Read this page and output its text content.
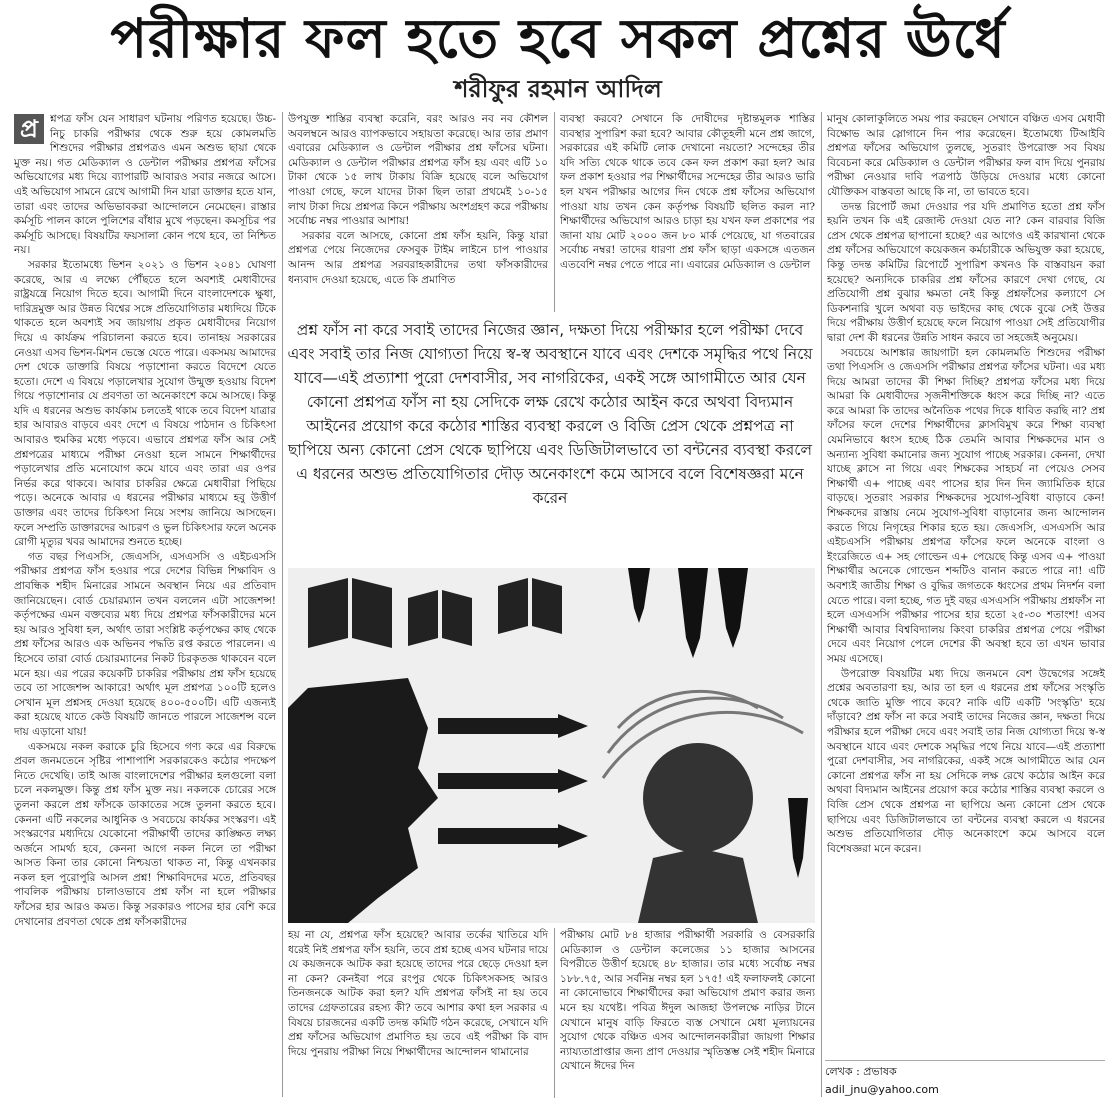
পরীক্ষার ফল হতে হবে সকল প্রশ্নের ঊর্ধে
শরীফুর রহমান আদিল
প্র	শ্নপত্র ফাঁস যেন সাধারণ ঘটনায় পরিণত হয়েছে। উচ্চ-নিচু চাকরি পরীক্ষার থেকে শুরু হয়ে কোমলমতি শিশুদের পরীক্ষার প্রশ্নপত্রও এমন অশুভ ছায়া থেকে মুক্ত নয়। গত মেডিক্যাল ও ডেন্টাল পরীক্ষার প্রশ্নপত্র ফাঁসের অভিযোগের মধ্য দিয়ে ব্যাপারটি আবারও সবার নজরে আসে। এই অভিযোগ সামনে রেখে আগামী দিন যারা ডাক্তার হতে যান, তারা এবং তাদের অভিভাবকরা আন্দোলনে নেমেছেন। রাস্তার কর্মসূচি পালন কালে পুলিশের বাঁধার মুখে পড়ছেন। কমসূচির পর কর্মসূচি আসছে। বিষয়টির ফয়সালা কোন পথে হবে, তা নিশ্চিত নয়।

সরকার ইতোমধ্যে ভিশন ২০২১ ও ভিশন ২০৪১ ঘোষণা করেছে, আর এ লক্ষ্যে পৌঁছতে হলে অবশ্যই মেধাবীদের রাষ্ট্রযন্ত্রে নিয়োগ দিতে হবে। আগামী দিনে বাংলাদেশকে ক্ষুধা, দারিদ্রমুক্ত আর উন্নত বিশ্বের সঙ্গে প্রতিযোগিতার মধ্যদিয়ে টিকে থাকতে হলে অবশ্যই সব জায়গায় প্রকৃত মেধাবীদের নিয়োগ দিয়ে এ কার্যক্রম পরিচালনা করতে হবে। তানাহয় সরকারের নেওয়া এসব ভিশন-মিশন ভেস্তে যেতে পারে। একসময় আমাদের দেশ থেকে ডাক্তারি বিষয়ে পড়াশোনা করতে বিদেশে যেতে হতো। দেশে এ বিষয়ে পড়ালেখার সুযোগ উন্মুক্ত হওয়ায় বিদেশ গিয়ে পড়াশোনার যে প্রবণতা তা অনেকাংশে কমে আসছে। কিন্তু যদি এ ধরনের অশুভ কার্যকাম চলতেই থাকে তবে বিদেশ যাত্রার হার আবারও বাড়বে এবং দেশে এ বিষয়ে পাঠদান ও চিকিৎসা আবারও হুমকির মধ্যে পড়বে। এভাবে প্রশ্নপত্র ফাঁস আর সেই প্রশ্নপত্রের মাধ্যমে পরীক্ষা নেওয়া হলে সামনে শিক্ষার্থীদের পড়ালেখার প্রতি মনোযোগ কমে যাবে এবং তারা এর ওপর নির্ভর করে থাকবে। আবার চাকরির ক্ষেত্রে মেধাবীরা পিছিয়ে পড়ে। অনেকে আবার এ ধরনের পরীক্ষার মাধ্যমে হবু উত্তীর্ণ ডাক্তার এবং তাদের চিকিৎসা নিয়ে সংশয় জানিয়ে আসছেন। ফলে সম্প্রতি ডাক্তারদের আচরণ ও ভুল চিকিৎসার ফলে অনেক রোগী মৃত্যুর খবর আমাদের শুনতে হচ্ছে।

গত বছর পিএসসি, জেএসসি, এসএসসি ও এইচএসসি পরীক্ষার প্রশ্নপত্র ফাঁস হওয়ার পরে দেশের বিভিন্ন শিক্ষাবিদ ও প্রাবন্ধিক শহীদ মিনারের সামনে অবস্থান নিয়ে এর প্রতিবাদ জানিয়েছেন। বোর্ড চেয়ারম্যান তখন বললেন এটা সাজেশন্স! কর্তৃপক্ষের এমন বক্তব্যের মধ্য দিয়ে প্রশ্নপত্র ফাঁসকারীদের মনে হয় আরও সুবিধা হল, অর্থাৎ তারা সংশ্লিষ্ট কর্তৃপক্ষের কাছ থেকে প্রশ্ন ফাঁসের আরও এক অভিনব পদ্ধতি রপ্ত করতে পারলেন। এ হিসেবে তারা বোর্ড চেয়ারম্যানের নিকট চিরকৃতজ্ঞ থাকবেন বলে মনে হয়। এর পরের কয়েকটি চাকরির পরীক্ষায় প্রশ্ন ফাঁস হয়েছে তবে তা সাজেশন্স আকারে! অর্থাৎ মূল প্রশ্নপত্র ১০০টি হলেও সেখান মূল প্রশ্নসহ দেওয়া হয়েছে ৪০০-৫০০টি। এটি এজন্যই করা হয়েছে যাতে কেউ বিষয়টি জানতে পারলে সাজেশন্স বলে দায় এড়ানো যায়!

একসময়ে নকল করাকে চুরি হিসেবে গণ্য করে এর বিরুদ্ধে প্রবল জনমতেনে সৃষ্টির পাশাপাশি সরকারকেও কঠোর পদক্ষেপ নিতে দেখেছি। তাই আজ বাংলাদেশের পরীক্ষার হলগুলো বলা চলে নকলমুক্ত। কিন্তু প্রশ্ন ফাঁস মুক্ত নয়। নকলকে চোরের সঙ্গে তুলনা করলে প্রশ্ন ফাঁসকে ডাকাতের সঙ্গে তুলনা করতে হবে। কেননা এটি নকলের আধুনিক ও সবচেয়ে কার্যকর সংস্করণ। এই সংস্করণের মধ্যদিয়ে যেকোনো পরীক্ষার্থী তাদের কাঙ্ক্ষিত লক্ষ্য অর্জনে সামর্থ্য হবে, কেননা আগে নকল নিলে তা পরীক্ষা আসত কিনা তার কোনো নিশ্চয়তা থাকত না, কিন্তু এখনকার নকল হল পুরোপুরি আসল প্রশ্ন! শিক্ষাবিদদের মতে, প্রতিবছর পাবলিক পরীক্ষায় চালাওভাবে প্রশ্ন ফাঁস না হলে পরীক্ষার ফাঁসের হার আরও কমত। কিন্তু সরকারও পাসের হার বেশি করে দেখানোর প্রবণতা থেকে প্রশ্ন ফাঁসকারীদের

উপযুক্ত শাস্তির ব্যবস্থা করেনি, বরং আরও নব নব কৌশল অবলম্বনে আরও ব্যাপকভাবে সহায়তা করেছে। আর তার প্রমাণ এবারের মেডিক্যাল ও ডেন্টাল পরীক্ষার প্রশ্ন ফাঁসের ঘটনা। মেডিক্যাল ও ডেন্টাল পরীক্ষার প্রশ্নপত্র ফাঁস হয় এবং এটি ১০ টাকা থেকে ১৫ লাখ টাকায় বিক্রি হয়েছে বলে অভিযোগ পাওয়া গেছে, ফলে যাদের টাকা ছিল তারা প্রথমেই ১০-১৫ লাখ টাকা দিয়ে প্রশ্নপত্র কিনে পরীক্ষায় অংশগ্রহণ করে পরীক্ষায় সর্বোচ্চ নম্বর পাওয়ার আশায়!

সরকার বলে আসছে, কোনো প্রশ্ন ফাঁস হয়নি, কিন্তু যারা প্রশ্নপত্র পেয়ে নিজেদের ফেসবুক টাইম লাইনে চাপ পাওয়ার আনন্দ আর প্রশ্নপত্র সরবরাহকারীদের তথা ফাঁসকারীদের ধন্যবাদ দেওয়া হয়েছে, এতে কি প্রমাণিত

ব্যবস্থা করবে? সেখানে কি দোষীদের দৃষ্টান্তমূলক শাস্তির ব্যবস্থার সুপারিশ করা হবে? আবার কৌতূহলী মনে প্রশ্ন জাগে, সরকারের এই কমিটি লোক দেখানো নয়তো? সন্দেহের তীর যদি সত্যি থেকে থাকে তবে কেন ফল প্রকাশ করা হল? আর ফল প্রকাশ হওয়ার পর শিক্ষার্থীদের সন্দেহের তীর আরও ভারি হল যখন পরীক্ষার আগের দিন থেকে প্রশ্ন ফাঁসের অভিযোগ পাওয়া যায় তখন কেন কর্তৃপক্ষ বিষয়টি ছলিত করল না? শিক্ষার্থীদের অভিযোগ আরও চাড়া হয় যখন ফল প্রকাশের পর জানা যায় মোট ২০০০ জন ৮০ মার্ক পেয়েছে, যা গতবারের সর্বোচ্চ নম্বর! তাদের ধারণা প্রশ্ন ফাঁস ছাড়া একসঙ্গে এতজন এতবেশি নম্বর পেতে পারে না। এবারের মেডিক্যাল ও ডেন্টাল

প্রশ্ন ফাঁস না করে সবাই তাদের নিজের জ্ঞান, দক্ষতা দিয়ে পরীক্ষার হলে পরীক্ষা দেবে এবং সবাই তার নিজ যোগ্যতা দিয়ে স্ব-স্ব অবস্থানে যাবে এবং দেশকে সমৃদ্ধির পথে নিয়ে যাবে—এই প্রত্যাশা পুরো দেশবাসীর, সব নাগরিকের, একই সঙ্গে আগামীতে আর যেন কোনো প্রশ্নপত্র ফাঁস না হয় সেদিকে লক্ষ রেখে কঠোর আইন করে অথবা বিদ্যমান আইনের প্রয়োগ করে কঠোর শাস্তির ব্যবস্থা করলে ও বিজি প্রেস থেকে প্রশ্নপত্র না ছাপিয়ে অন্য কোনো প্রেস থেকে ছাপিয়ে এবং ডিজিটালভাবে তা বন্টনের ব্যবস্থা করলে এ ধরনের অশুভ প্রতিযোগিতার দৌড় অনেকাংশে কমে আসবে বলে বিশেষজ্ঞরা মনে করেন

হয় না যে, প্রশ্নপত্র ফাঁস হয়েছে? আবার তর্কের খাতিরে যদি ধরেই নিই প্রশ্নপত্র ফাঁস হয়নি, তবে প্রশ্ন হচ্ছে এসব ঘটনার দায়ে যে কয়জনকে আটক করা হয়েছে তাদের পরে ছেড়ে দেওয়া হল না কেন? কেনইবা পরে রংপুর থেকে চিকিৎসকসহ আরও তিনজনকে আটক করা হল? যদি প্রশ্নপত্র ফাঁসই না হয় তবে তাদের গ্রেফতারের রহস্য কী? তবে আশার কথা হল সরকার এ বিষয়ে চারজনের একটি তদন্ত কমিটি গঠন করেছে, সেখানে যদি প্রশ্ন ফাঁসের অভিযোগ প্রমাণিত হয় তবে এই পরীক্ষা কি বাদ দিয়ে পুনরায় পরীক্ষা নিয়ে শিক্ষার্থীদের আন্দোলন থামানোর

পরীক্ষায় মোট ৮৪ হাজার পরীক্ষার্থী সরকারি ও বেসরকারি মেডিক্যাল ও ডেন্টাল কলেজের ১১ হাজার আসনের বিপরীতে উত্তীর্ণ হয়েছে ৪৮ হাজার। তার মধ্যে সর্বোচ্চ নম্বর ১৮৮.৭৫, আর সর্বনিম্ন নম্বর হল ১৭৫! এই ফলাফলই কোনো না কোনোভাবে শিক্ষার্থীদের করা অভিযোগ প্রমাণ করার জন্য মনে হয় যথেষ্ট। পবিত্র ঈদুল আজহা উপলক্ষে নাড়ির টানে যেখানে মানুষ বাড়ি ফিরতে ব্যস্ত সেখানে মেধা মূল্যায়নের সুযোগ থেকে বঞ্চিত এসব আন্দোলনকারীরা জায়গা শিক্ষার ন্যায্যতাপ্রাপ্তার জন্য প্রাণ দেওয়ার স্মৃতিস্তম্ভ সেই শহীদ মিনারে যেখানে ঈদের দিন

মানুষ কোলাকুলিতে সময় পার করছেন সেখানে বঞ্চিত এসব মেধাবী বিক্ষোভ আর স্লোগানে দিন পার করেছেন। ইতোমধ্যে টিআইবি প্রশ্নপত্র ফাঁসের অভিযোগ তুলছে, সুতরাং উপরোক্ত সব বিষয় বিবেচনা করে মেডিক্যাল ও ডেন্টাল পরীক্ষার ফল বাদ দিয়ে পুনরায় পরীক্ষা নেওয়ার দাবি পত্রপাঠ উড়িয়ে দেওয়ার মধ্যে কোনো যৌক্তিকস বাস্তবতা আছে কি না, তা ভাবতে হবে।

তদন্ত রিপোর্ট জমা দেওয়ার পর যদি প্রমাণিত হতো প্রশ্ন ফাঁস হয়নি তখন কি এই রেজাল্ট দেওয়া যেত না? কেন বারবার বিজি প্রেস থেকে প্রশ্নপত্র ছাপানো হচ্ছে? এর আগেও এই কারখানা থেকে প্রশ্ন ফাঁসের অভিযোগে কয়েকজন কর্মচারীকে অভিযুক্ত করা হয়েছে, কিন্তু তদন্ত কমিটির রিপোর্টে সুপারিশ কখনও কি বাস্তবায়ন করা হয়েছে? অন্যদিকে চাকরির প্রশ্ন ফাঁসের কারণে দেখা গেছে, যে প্রতিযোগী প্রশ্ন বুঝার ক্ষমতা নেই কিন্তু প্রশ্নফাঁসের কল্যাণে সে ডিকশনারি খুলে অথবা বড় ভাইদের কাছ থেকে বুঝে সেই উত্তর দিয়ে পরীক্ষায় উত্তীর্ণ হয়েছে ফলে নিয়োগ পাওয়া সেই প্রতিযোগীর দ্বারা দেশ কী ধরনের উন্নতি সাধন করবে তা সহজেই অনুমেয়।

সবচেয়ে আশঙ্কার জায়গাটা হল কোমলমতি শিশুদের পরীক্ষা তথা পিএসসি ও জেএসসি পরীক্ষার প্রশ্নপত্র ফাঁসের ঘটনা। এর মধ্য দিয়ে আমরা তাদের কী শিক্ষা দিচ্ছি? প্রশ্নপত্র ফাঁসের মধ্য দিয়ে আমরা কি মেধাবীদের সৃজনীশক্তিকে ধ্বংস করে দিচ্ছি না? এতে করে আমরা কি তাদের অনৈতিক পথের দিকে ধাবিত করছি না? প্রশ্ন ফাঁসের ফলে দেশের শিক্ষার্থীদের ক্লাসবিমুখ করে শিক্ষা ব্যবস্থা যেমনিভাবে ধ্বংস হচ্ছে ঠিক তেমনি আবার শিক্ষকদের মান ও অন্যান্য সুবিধা কমানোর জন্য সুযোগ পাচ্ছে সরকার। কেননা, দেখা যাচ্ছে ক্লাসে না গিয়ে এবং শিক্ষকের সাহচর্য না পেয়েও সেসব শিক্ষার্থী এ+ পাচ্ছে এবং পাসের হার দিন দিন জ্যামিতিক হারে বাড়ছে। সুতরাং সরকার শিক্ষকদের সুযোগ-সুবিধা বাড়াবে কেন! শিক্ষকদের রাস্তায় নেমে সুযোগ-সুবিধা বাড়ানোর জন্য আন্দোলন করতে গিয়ে নিগৃহের শিকার হতে হয়। জেএসসি, এসএসসি আর এইচএসসি পরীক্ষায় প্রশ্নপত্র ফাঁসের ফলে অনেকে বাংলা ও ইংরেজিতে এ+ সহ গোল্ডেন এ+ পেয়েছে কিন্তু এসব এ+ পাওয়া শিক্ষার্থীর অনেকে গোল্ডেন শব্দটিও বানান করতে পারে না! এটি অবশ্যই জাতীয় শিক্ষা ও বুদ্ধির জগতকে ধ্বংসের প্রথম নিদর্শন বলা যেতে পারে। বলা হচ্ছে, গত দুই বছর এসএসসি পরীক্ষায় প্রশ্নফাঁস না হলে এসএসসি পরীক্ষার পাসের হার হতো ২৫-৩০ শতাংশ! এসব শিক্ষার্থী আবার বিশ্ববিদ্যালয় কিংবা চাকরির প্রশ্নপত্র পেয়ে পরীক্ষা দেবে এবং নিয়োগ পেলে দেশের কী অবস্থা হবে তা এখন ভাবার সময় এসেছে।

উপরোক্ত বিষয়টির মধ্য দিয়ে জনমনে বেশ উদ্বেগের সঙ্গেই প্রশ্নের অবতারণা হয়, আর তা হল এ ধরনের প্রশ্ন ফাঁসের সংস্কৃতি থেকে জাতি মুক্তি পাবে কবে? নাকি এটি একটি 'সংস্কৃতি' হয়ে দাঁড়াবে? প্রশ্ন ফাঁস না করে সবাই তাদের নিজের জ্ঞান, দক্ষতা দিয়ে পরীক্ষার হলে পরীক্ষা দেবে এবং সবাই তার নিজ যোগ্যতা দিয়ে স্ব-স্ব অবস্থানে যাবে এবং দেশকে সমৃদ্ধির পথে নিয়ে যাবে—এই প্রত্যাশা পুরো দেশবাসীর, সব নাগরিকের, একই সঙ্গে আগামীতে আর যেন কোনো প্রশ্নপত্র ফাঁস না হয় সেদিকে লক্ষ রেখে কঠোর আইন করে অথবা বিদ্যমান আইনের প্রয়োগ করে কঠোর শাস্তির ব্যবস্থা করলে ও বিজি প্রেস থেকে প্রশ্নপত্র না ছাপিয়ে অন্য কোনো প্রেস থেকে ছাপিয়ে এবং ডিজিটালভাবে তা বন্টনের ব্যবস্থা করলে এ ধরনের অশুভ প্রতিযোগিতার দৌড় অনেকাংশে কমে আসবে বলে বিশেষজ্ঞরা মনে করেন।

লেখক : প্রভাষক
adil_jnu@yahoo.com
